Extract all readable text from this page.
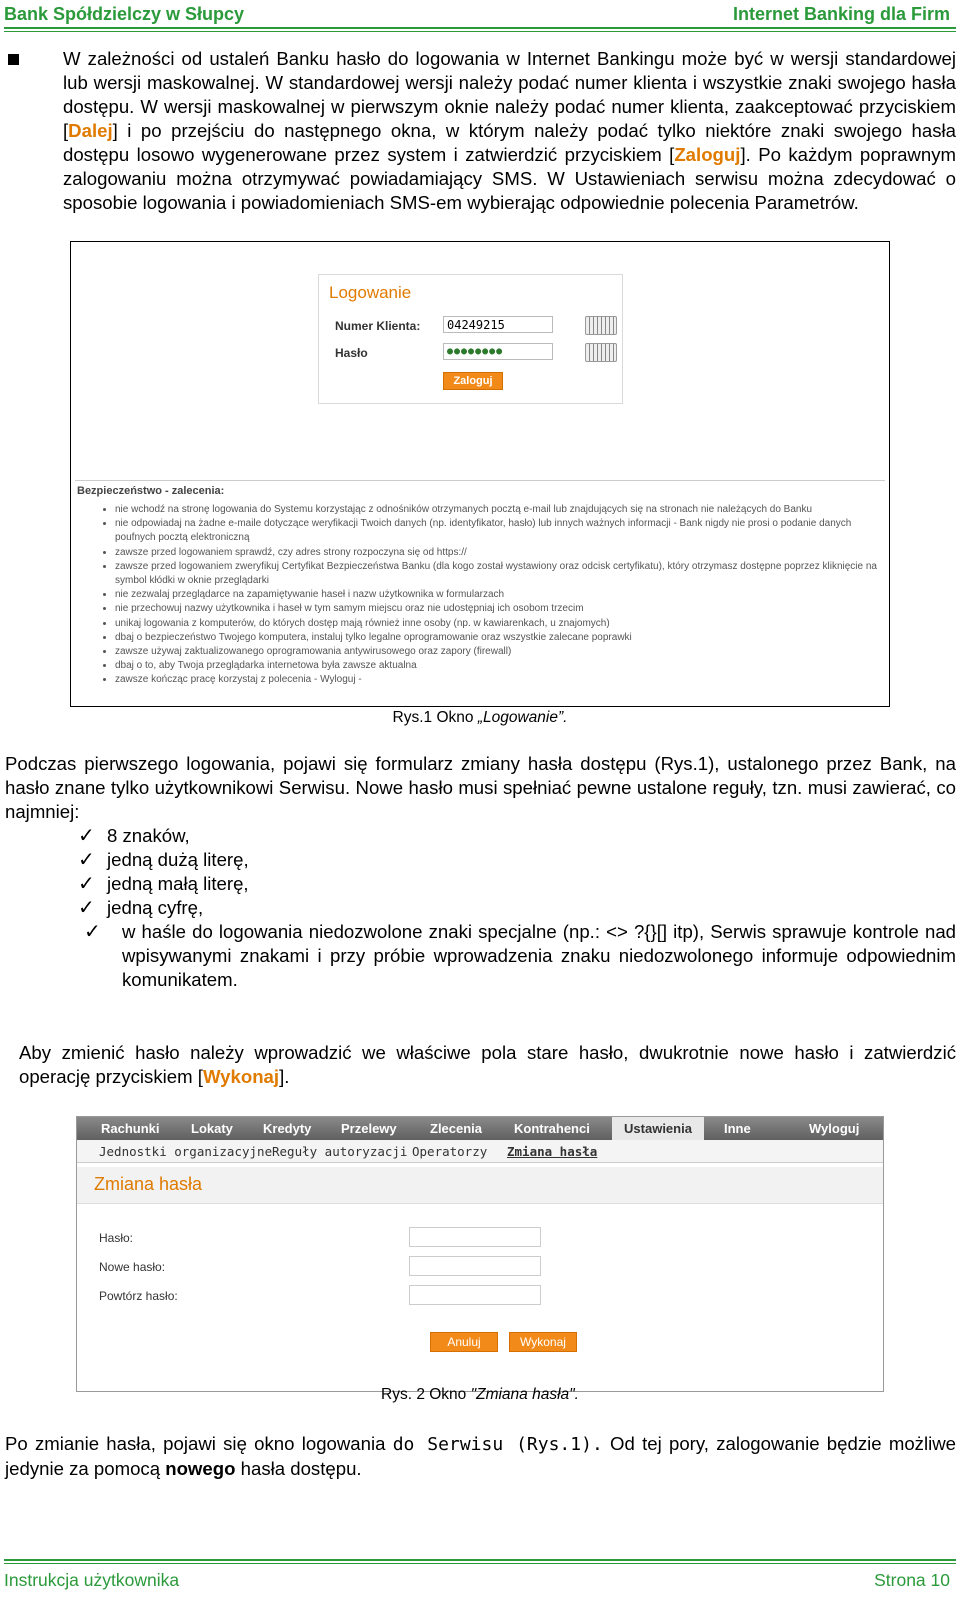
Bank Spółdzielczy w Słupcy	Internet Banking dla Firm
W zależności od ustaleń Banku hasło do logowania w Internet Bankingu może być w wersji standardowej lub wersji maskowalnej. W standardowej wersji należy podać numer klienta i wszystkie znaki swojego hasła dostępu. W wersji maskowalnej w pierwszym oknie należy podać numer klienta, zaakceptować przyciskiem [Dalej] i po przejściu do następnego okna, w którym należy podać tylko niektóre znaki swojego hasła dostępu losowo wygenerowane przez system i zatwierdzić przyciskiem [Zaloguj]. Po każdym poprawnym zalogowaniu można otrzymywać powiadamiający SMS. W Ustawieniach serwisu można zdecydować o sposobie logowania i powiadomieniach SMS-em wybierając odpowiednie polecenia Parametrów.
Logowanie
Numer Klienta:	04249215
Hasło	●●●●●●●●
Zaloguj
Bezpieczeństwo - zalecenia:
• nie wchodź na stronę logowania do Systemu korzystając z odnośników otrzymanych pocztą e-mail lub znajdujących się na stronach nie należących do Banku
• nie odpowiadaj na żadne e-maile dotyczące weryfikacji Twoich danych (np. identyfikator, hasło) lub innych ważnych informacji - Bank nigdy nie prosi o podanie danych poufnych pocztą elektroniczną
• zawsze przed logowaniem sprawdź, czy adres strony rozpoczyna się od https://
• zawsze przed logowaniem zweryfikuj Certyfikat Bezpieczeństwa Banku (dla kogo został wystawiony oraz odcisk certyfikatu), który otrzymasz dostępne poprzez kliknięcie na symbol kłódki w oknie przeglądarki
• nie zezwalaj przeglądarce na zapamiętywanie haseł i nazw użytkownika w formularzach
• nie przechowuj nazwy użytkownika i haseł w tym samym miejscu oraz nie udostępniaj ich osobom trzecim
• unikaj logowania z komputerów, do których dostęp mają również inne osoby (np. w kawiarenkach, u znajomych)
• dbaj o bezpieczeństwo Twojego komputera, instaluj tylko legalne oprogramowanie oraz wszystkie zalecane poprawki
• zawsze używaj zaktualizowanego oprogramowania antywirusowego oraz zapory (firewall)
• dbaj o to, aby Twoja przeglądarka internetowa była zawsze aktualna
• zawsze kończąc pracę korzystaj z polecenia - Wyloguj -
Rys.1 Okno „Logowanie”.
Podczas pierwszego logowania, pojawi się formularz zmiany hasła dostępu (Rys.1), ustalonego przez Bank, na hasło znane tylko użytkownikowi Serwisu. Nowe hasło musi spełniać pewne ustalone reguły, tzn. musi zawierać, co najmniej:
✓ 8 znaków,
✓ jedną dużą literę,
✓ jedną małą literę,
✓ jedną cyfrę,
✓ w haśle do logowania niedozwolone znaki specjalne (np.: <> ?{}[] itp), Serwis sprawuje kontrole nad wpisywanymi znakami i przy próbie wprowadzenia znaku niedozwolonego informuje odpowiednim komunikatem.
Aby zmienić hasło należy wprowadzić we właściwe pola stare hasło, dwukrotnie nowe hasło i zatwierdzić operację przyciskiem [Wykonaj].
Rachunki Lokaty Kredyty Przelewy	Zlecenia Kontrahenci	Ustawienia	Inne	Wyloguj
Jednostki organizacyjne Reguły autoryzacji Operatorzy Zmiana hasła
Zmiana hasła
Hasło:
Nowe hasło:
Powtórz hasło:
Anuluj	Wykonaj
Rys. 2 Okno "Zmiana hasła".
Po zmianie hasła, pojawi się okno logowania do Serwisu (Rys.1). Od tej pory, zalogowanie będzie możliwe jedynie za pomocą nowego hasła dostępu.
Instrukcja użytkownika	Strona 10
